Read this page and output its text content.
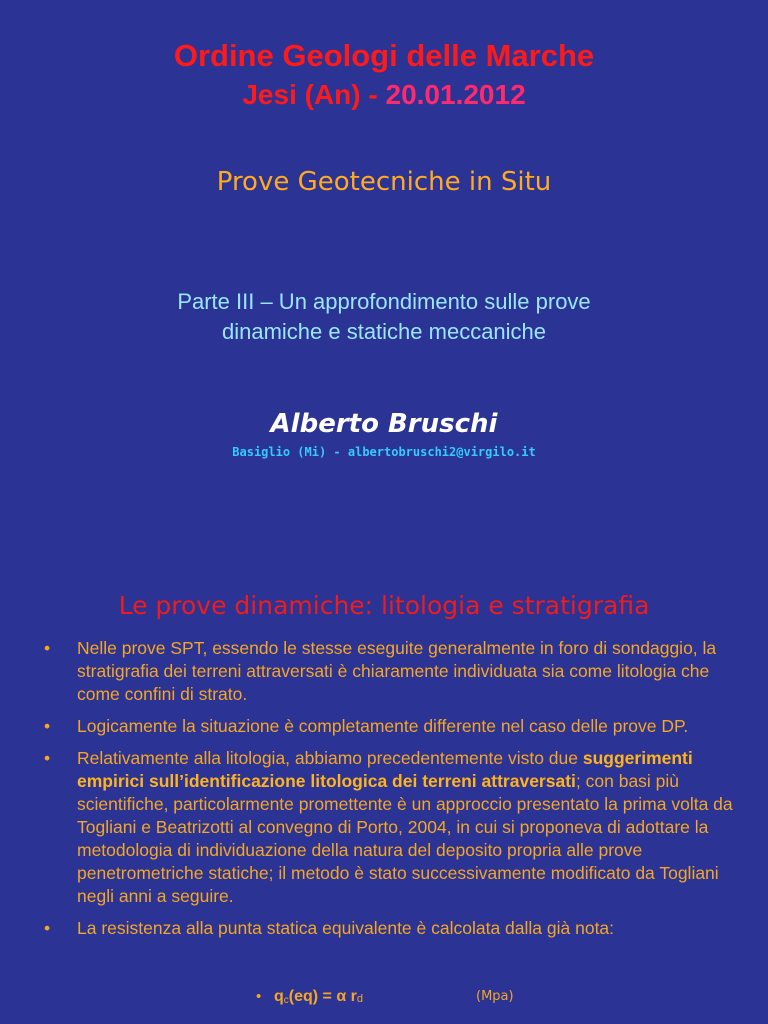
Ordine Geologi delle Marche
Jesi (An) - 20.01.2012
Prove Geotecniche in Situ
Parte III – Un approfondimento sulle prove
dinamiche e statiche meccaniche
Alberto Bruschi
Basiglio (Mi) - albertobruschi2@virgilo.it
Le prove dinamiche: litologia e stratigrafia
• Nelle prove SPT, essendo le stesse eseguite generalmente in foro di sondaggio, la stratigrafia dei terreni attraversati è chiaramente individuata sia come litologia che come confini di strato.
• Logicamente la situazione è completamente differente nel caso delle prove DP.
• Relativamente alla litologia, abbiamo precedentemente visto due suggerimenti empirici sull’identificazione litologica dei terreni attraversati; con basi più scientifiche, particolarmente promettente è un approccio presentato la prima volta da Togliani e Beatrizotti al convegno di Porto, 2004, in cui si proponeva di adottare la metodologia di individuazione della natura del deposito propria alle prove penetrometriche statiche; il metodo è stato successivamente modificato da Togliani negli anni a seguire.
• La resistenza alla punta statica equivalente è calcolata dalla già nota:
• $q_c(eq) = \alpha$ $r_d$	(Mpa)
